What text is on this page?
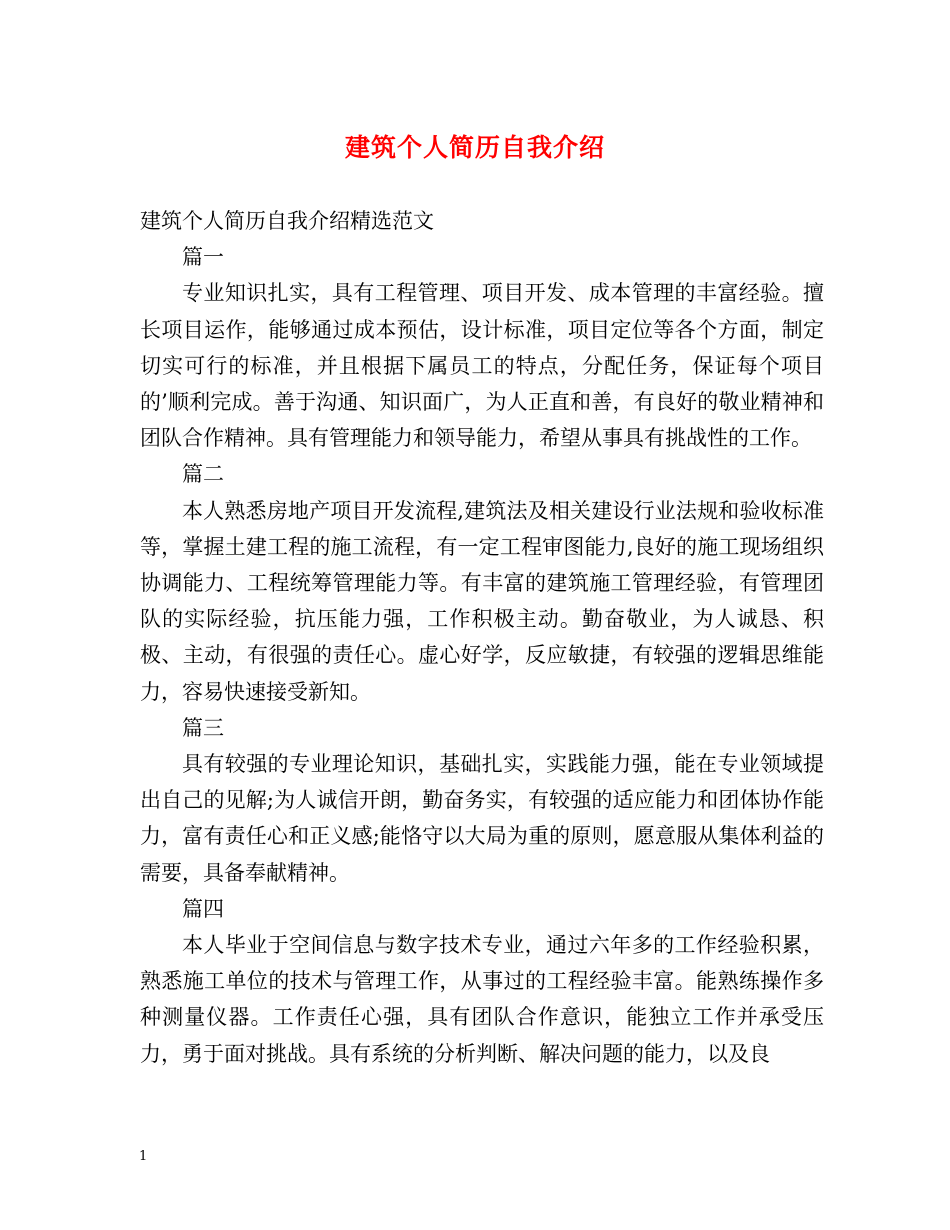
建筑个人简历自我介绍

建筑个人简历自我介绍精选范文

篇一

专业知识扎实，具有工程管理、项目开发、成本管理的丰富经验。擅长项目运作，能够通过成本预估，设计标准，项目定位等各个方面，制定切实可行的标准，并且根据下属员工的特点，分配任务，保证每个项目的’顺利完成。善于沟通、知识面广，为人正直和善，有良好的敬业精神和团队合作精神。具有管理能力和领导能力，希望从事具有挑战性的工作。

篇二

本人熟悉房地产项目开发流程,建筑法及相关建设行业法规和验收标准等，掌握土建工程的施工流程，有一定工程审图能力,良好的施工现场组织协调能力、工程统筹管理能力等。有丰富的建筑施工管理经验，有管理团队的实际经验，抗压能力强，工作积极主动。勤奋敬业，为人诚恳、积极、主动，有很强的责任心。虚心好学，反应敏捷，有较强的逻辑思维能力，容易快速接受新知。

篇三

具有较强的专业理论知识，基础扎实，实践能力强，能在专业领域提出自己的见解;为人诚信开朗，勤奋务实，有较强的适应能力和团体协作能力，富有责任心和正义感;能恪守以大局为重的原则，愿意服从集体利益的需要，具备奉献精神。

篇四

本人毕业于空间信息与数字技术专业，通过六年多的工作经验积累，熟悉施工单位的技术与管理工作，从事过的工程经验丰富。能熟练操作多种测量仪器。工作责任心强，具有团队合作意识，能独立工作并承受压力，勇于面对挑战。具有系统的分析判断、解决问题的能力，以及良

1
